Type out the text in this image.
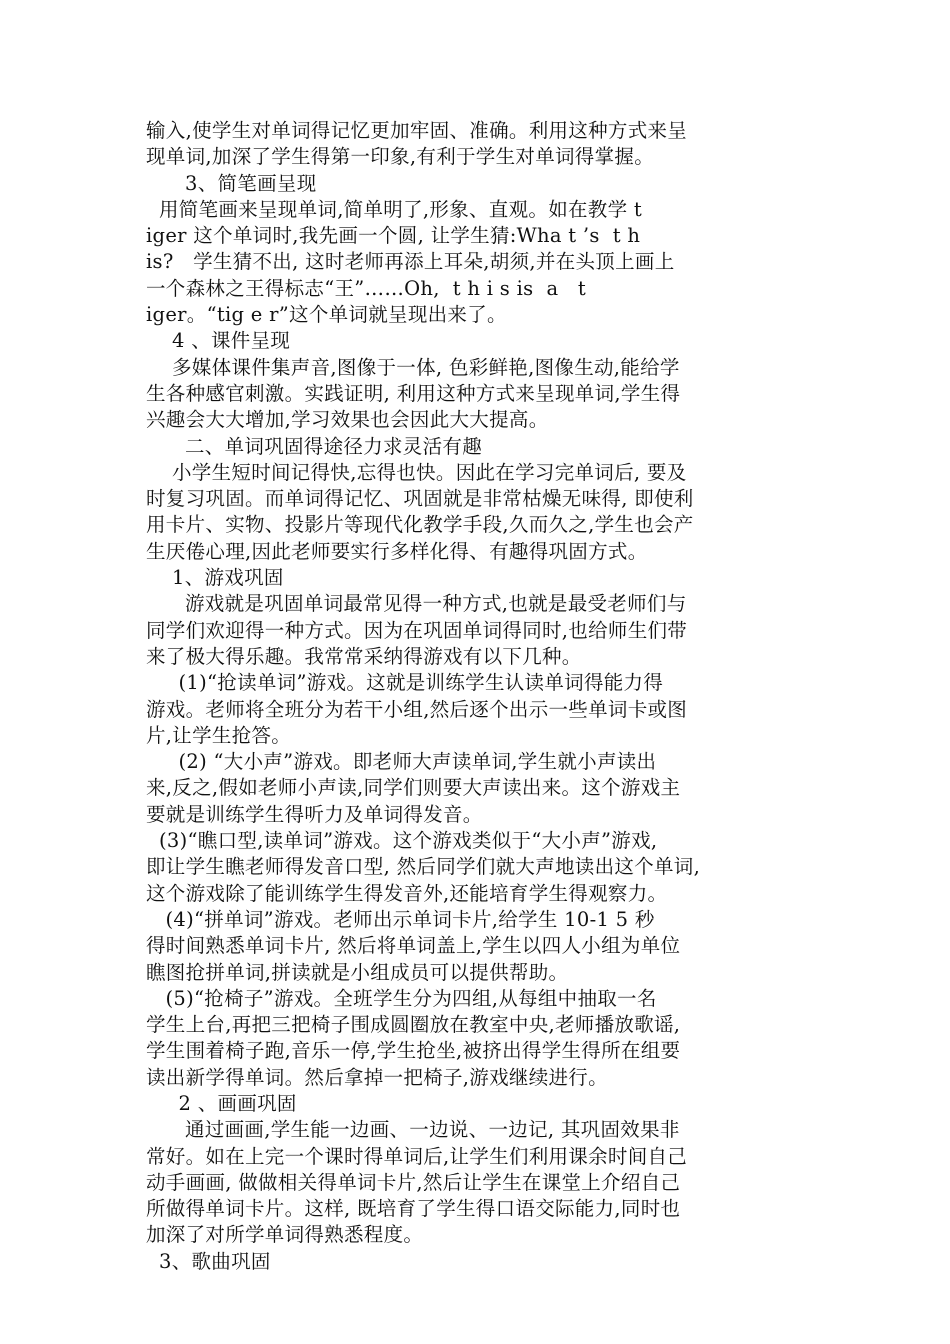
输入,使学生对单词得记忆更加牢固、准确。利用这种方式来呈
现单词,加深了学生得第一印象,有利于学生对单词得掌握。
3、简笔画呈现
用简笔画来呈现单词,简单明了,形象、直观。如在教学 t
iger 这个单词时,我先画一个圆, 让学生猜:Wha t ’s  t h
is?   学生猜不出, 这时老师再添上耳朵,胡须,并在头顶上画上
一个森林之王得标志“王”……Oh,  t h i s is  a   t
iger。“tig e r”这个单词就呈现出来了。
4 、课件呈现
多媒体课件集声音,图像于一体, 色彩鲜艳,图像生动,能给学
生各种感官刺激。实践证明, 利用这种方式来呈现单词,学生得
兴趣会大大增加,学习效果也会因此大大提高。
二、单词巩固得途径力求灵活有趣
小学生短时间记得快,忘得也快。因此在学习完单词后, 要及
时复习巩固。而单词得记忆、巩固就是非常枯燥无味得, 即使利
用卡片、实物、投影片等现代化教学手段,久而久之,学生也会产
生厌倦心理,因此老师要实行多样化得、有趣得巩固方式。
1、游戏巩固
游戏就是巩固单词最常见得一种方式,也就是最受老师们与
同学们欢迎得一种方式。因为在巩固单词得同时,也给师生们带
来了极大得乐趣。我常常采纳得游戏有以下几种。
(1)“抢读单词”游戏。这就是训练学生认读单词得能力得
游戏。老师将全班分为若干小组,然后逐个出示一些单词卡或图
片,让学生抢答。
(2) “大小声”游戏。即老师大声读单词,学生就小声读出
来,反之,假如老师小声读,同学们则要大声读出来。这个游戏主
要就是训练学生得听力及单词得发音。
(3)“瞧口型,读单词”游戏。这个游戏类似于“大小声”游戏,
即让学生瞧老师得发音口型, 然后同学们就大声地读出这个单词,
这个游戏除了能训练学生得发音外,还能培育学生得观察力。
(4)“拼单词”游戏。老师出示单词卡片,给学生 10-1 5 秒
得时间熟悉单词卡片, 然后将单词盖上,学生以四人小组为单位
瞧图抢拼单词,拼读就是小组成员可以提供帮助。
(5)“抢椅子”游戏。全班学生分为四组,从每组中抽取一名
学生上台,再把三把椅子围成圆圈放在教室中央,老师播放歌谣,
学生围着椅子跑,音乐一停,学生抢坐,被挤出得学生得所在组要
读出新学得单词。然后拿掉一把椅子,游戏继续进行。
2 、画画巩固
通过画画,学生能一边画、一边说、一边记, 其巩固效果非
常好。如在上完一个课时得单词后,让学生们利用课余时间自己
动手画画, 做做相关得单词卡片,然后让学生在课堂上介绍自己
所做得单词卡片。这样, 既培育了学生得口语交际能力,同时也
加深了对所学单词得熟悉程度。
3、歌曲巩固
